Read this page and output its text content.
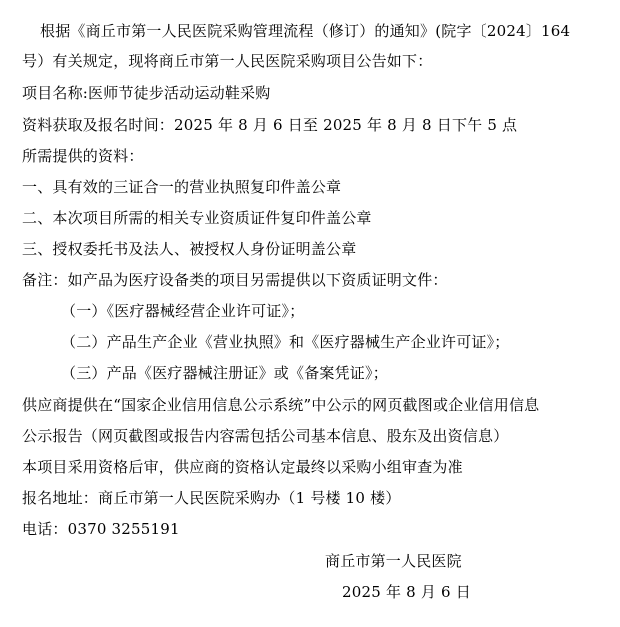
根据《商丘市第一人民医院采购管理流程（修订）的通知》(院字〔2024〕164
号）有关规定，现将商丘市第一人民医院采购项目公告如下：
项目名称:医师节徒步活动运动鞋采购
资料获取及报名时间：2025 年 8 月 6 日至 2025 年 8 月 8 日下午 5 点
所需提供的资料：
一、具有效的三证合一的营业执照复印件盖公章
二、本次项目所需的相关专业资质证件复印件盖公章
三、授权委托书及法人、被授权人身份证明盖公章
备注：如产品为医疗设备类的项目另需提供以下资质证明文件：
（一）《医疗器械经营企业许可证》；
（二）产品生产企业《营业执照》和《医疗器械生产企业许可证》；
（三）产品《医疗器械注册证》或《备案凭证》；
供应商提供在“国家企业信用信息公示系统”中公示的网页截图或企业信用信息
公示报告（网页截图或报告内容需包括公司基本信息、股东及出资信息）
本项目采用资格后审，供应商的资格认定最终以采购小组审查为准
报名地址：商丘市第一人民医院采购办（1 号楼 10 楼）
电话：0370 3255191
商丘市第一人民医院
2025 年 8 月 6 日
